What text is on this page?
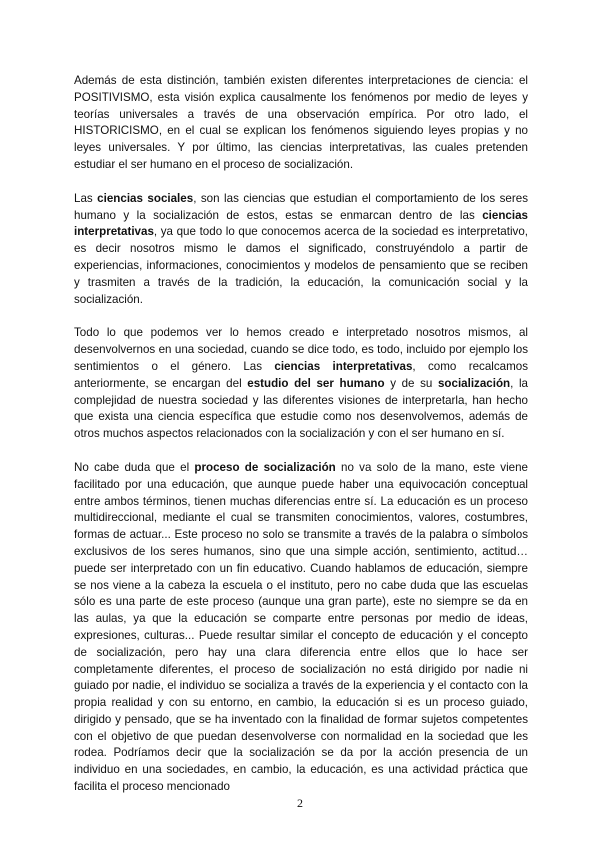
Además de esta distinción, también existen diferentes interpretaciones de ciencia: el POSITIVISMO, esta visión explica causalmente los fenómenos por medio de leyes y teorías universales a través de una observación empírica. Por otro lado, el HISTORICISMO, en el cual se explican los fenómenos siguiendo leyes propias y no leyes universales. Y por último, las ciencias interpretativas, las cuales pretenden estudiar el ser humano en el proceso de socialización.

Las ciencias sociales, son las ciencias que estudian el comportamiento de los seres humano y la socialización de estos, estas se enmarcan dentro de las ciencias interpretativas, ya que todo lo que conocemos acerca de la sociedad es interpretativo, es decir nosotros mismo le damos el significado, construyéndolo a partir de experiencias, informaciones, conocimientos y modelos de pensamiento que se reciben y trasmiten a través de la tradición, la educación, la comunicación social y la socialización.

Todo lo que podemos ver lo hemos creado e interpretado nosotros mismos, al desenvolvernos en una sociedad, cuando se dice todo, es todo, incluido por ejemplo los sentimientos o el género. Las ciencias interpretativas, como recalcamos anteriormente, se encargan del estudio del ser humano y de su socialización, la complejidad de nuestra sociedad y las diferentes visiones de interpretarla, han hecho que exista una ciencia específica que estudie como nos desenvolvemos, además de otros muchos aspectos relacionados con la socialización y con el ser humano en sí.

No cabe duda que el proceso de socialización no va solo de la mano, este viene facilitado por una educación, que aunque puede haber una equivocación conceptual entre ambos términos, tienen muchas diferencias entre sí. La educación es un proceso multidireccional, mediante el cual se transmiten conocimientos, valores, costumbres, formas de actuar... Este proceso no solo se transmite a través de la palabra o símbolos exclusivos de los seres humanos, sino que una simple acción, sentimiento, actitud… puede ser interpretado con un fin educativo. Cuando hablamos de educación, siempre se nos viene a la cabeza la escuela o el instituto, pero no cabe duda que las escuelas sólo es una parte de este proceso (aunque una gran parte), este no siempre se da en las aulas, ya que la educación se comparte entre personas por medio de ideas, expresiones, culturas... Puede resultar similar el concepto de educación y el concepto de socialización, pero hay una clara diferencia entre ellos que lo hace ser completamente diferentes, el proceso de socialización no está dirigido por nadie ni guiado por nadie, el individuo se socializa a través de la experiencia y el contacto con la propia realidad y con su entorno, en cambio, la educación si es un proceso guiado, dirigido y pensado, que se ha inventado con la finalidad de formar sujetos competentes con el objetivo de que puedan desenvolverse con normalidad en la sociedad que les rodea. Podríamos decir que la socialización se da por la acción presencia de un individuo en una sociedades, en cambio, la educación, es una actividad práctica que facilita el proceso mencionado

2
